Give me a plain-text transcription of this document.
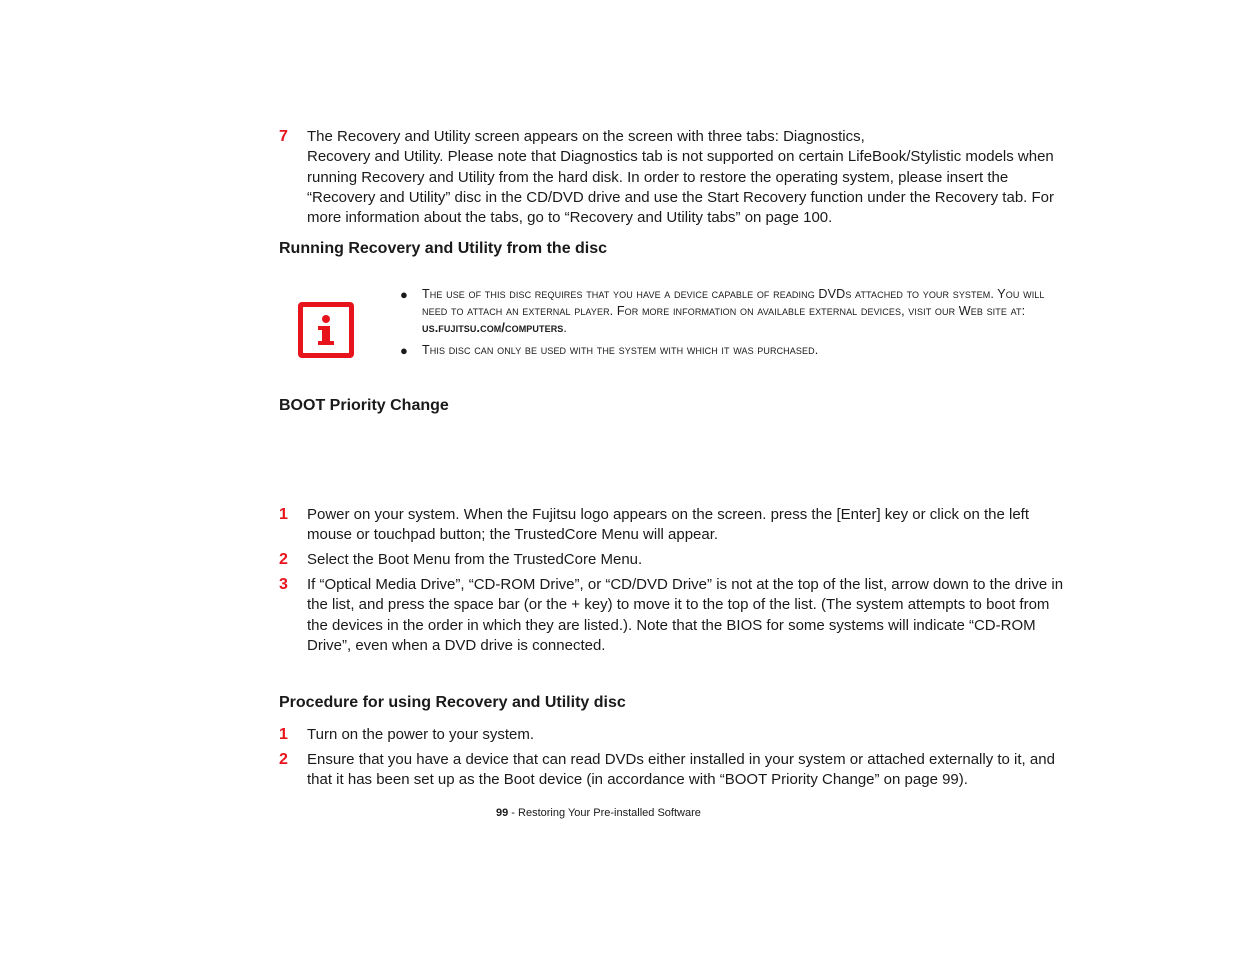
7 The Recovery and Utility screen appears on the screen with three tabs: Diagnostics,
Recovery and Utility. Please note that Diagnostics tab is not supported on certain LifeBook/Stylistic models when running Recovery and Utility from the hard disk. In order to restore the operating system, please insert the “Recovery and Utility” disc in the CD/DVD drive and use the Start Recovery function under the Recovery tab. For more information about the tabs, go to “Recovery and Utility tabs” on page 100.
Running Recovery and Utility from the disc
● The use of this disc requires that you have a device capable of reading DVDs attached to your system. You will need to attach an external player. For more information on available external devices, visit our Web site at: us.fujitsu.com/computers.
● This disc can only be used with the system with which it was purchased.
BOOT Priority Change
1 Power on your system. When the Fujitsu logo appears on the screen. press the [Enter] key or click on the left mouse or touchpad button; the TrustedCore Menu will appear.
2 Select the Boot Menu from the TrustedCore Menu.
3 If “Optical Media Drive”, “CD-ROM Drive”, or “CD/DVD Drive” is not at the top of the list, arrow down to the drive in the list, and press the space bar (or the + key) to move it to the top of the list. (The system attempts to boot from the devices in the order in which they are listed.). Note that the BIOS for some systems will indicate “CD-ROM Drive”, even when a DVD drive is connected.
Procedure for using Recovery and Utility disc
1 Turn on the power to your system.
2 Ensure that you have a device that can read DVDs either installed in your system or attached externally to it, and that it has been set up as the Boot device (in accordance with “BOOT Priority Change” on page 99).
99 - Restoring Your Pre-installed Software
